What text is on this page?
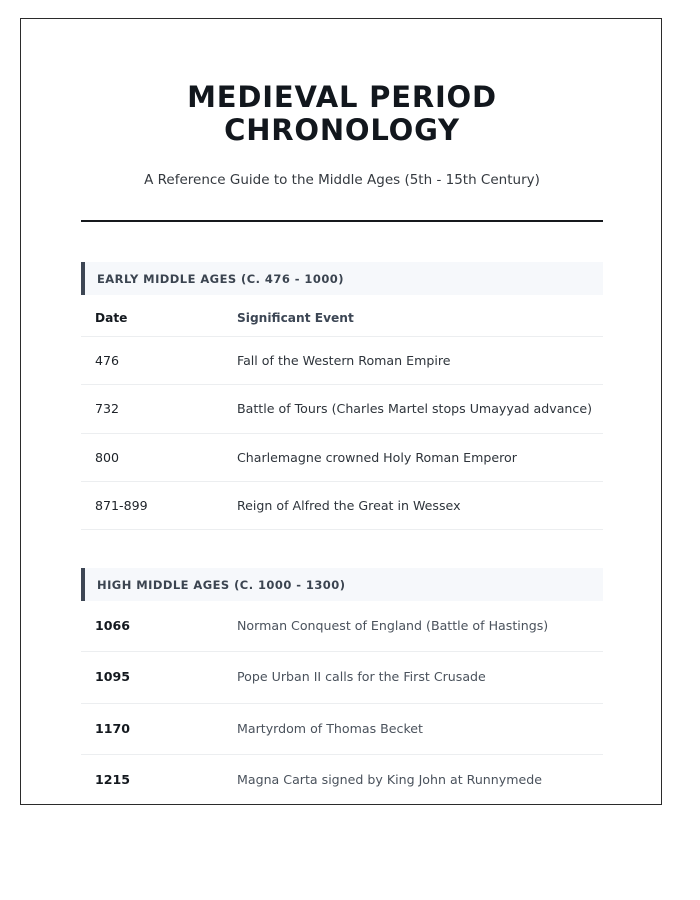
MEDIEVAL PERIOD CHRONOLOGY

A Reference Guide to the Middle Ages (5th - 15th Century)

EARLY MIDDLE AGES (C. 476 - 1000)
Date	Significant Event
476	Fall of the Western Roman Empire
732	Battle of Tours (Charles Martel stops Umayyad advance)
800	Charlemagne crowned Holy Roman Emperor
871-899	Reign of Alfred the Great in Wessex
HIGH MIDDLE AGES (C. 1000 - 1300)
1066	Norman Conquest of England (Battle of Hastings)
1095	Pope Urban II calls for the First Crusade
1170	Martyrdom of Thomas Becket
1215	Magna Carta signed by King John at Runnymede
